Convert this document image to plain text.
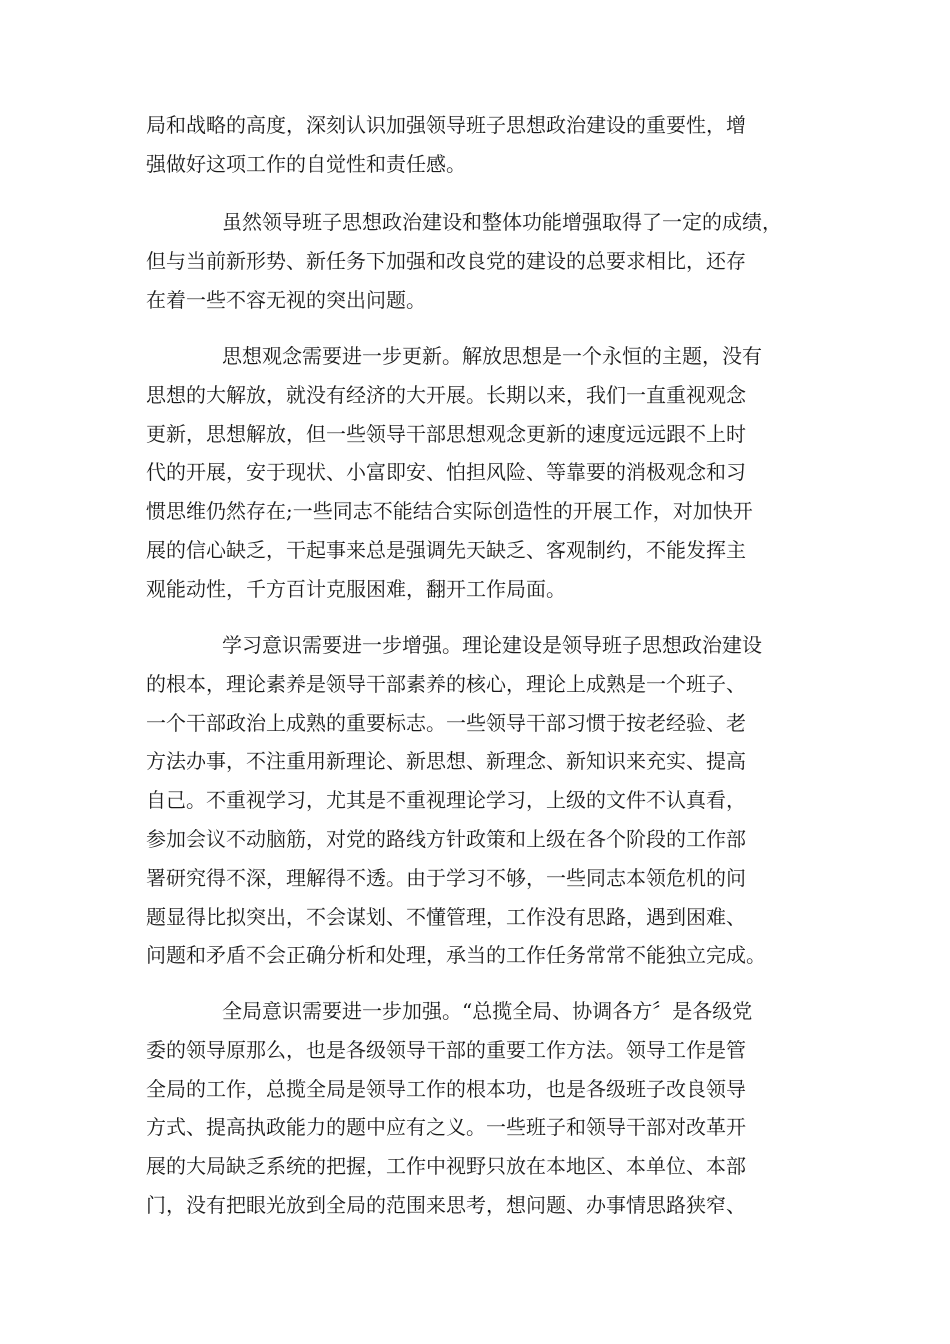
局和战略的高度，深刻认识加强领导班子思想政治建设的重要性，增
强做好这项工作的自觉性和责任感。
虽然领导班子思想政治建设和整体功能增强取得了一定的成绩，
但与当前新形势、新任务下加强和改良党的建设的总要求相比，还存
在着一些不容无视的突出问题。
思想观念需要进一步更新。解放思想是一个永恒的主题，没有
思想的大解放，就没有经济的大开展。长期以来，我们一直重视观念
更新，思想解放，但一些领导干部思想观念更新的速度远远跟不上时
代的开展，安于现状、小富即安、怕担风险、等靠要的消极观念和习
惯思维仍然存在;一些同志不能结合实际创造性的开展工作，对加快开
展的信心缺乏，干起事来总是强调先天缺乏、客观制约，不能发挥主
观能动性，千方百计克服困难，翻开工作局面。
学习意识需要进一步增强。理论建设是领导班子思想政治建设
的根本，理论素养是领导干部素养的核心，理论上成熟是一个班子、
一个干部政治上成熟的重要标志。一些领导干部习惯于按老经验、老
方法办事，不注重用新理论、新思想、新理念、新知识来充实、提高
自己。不重视学习，尤其是不重视理论学习，上级的文件不认真看，
参加会议不动脑筋，对党的路线方针政策和上级在各个阶段的工作部
署研究得不深，理解得不透。由于学习不够，一些同志本领危机的问
题显得比拟突出，不会谋划、不懂管理，工作没有思路，遇到困难、
问题和矛盾不会正确分析和处理，承当的工作任务常常不能独立完成。
全局意识需要进一步加强。“总揽全局、协调各方〞是各级党
委的领导原那么，也是各级领导干部的重要工作方法。领导工作是管
全局的工作，总揽全局是领导工作的根本功，也是各级班子改良领导
方式、提高执政能力的题中应有之义。一些班子和领导干部对改革开
展的大局缺乏系统的把握，工作中视野只放在本地区、本单位、本部
门，没有把眼光放到全局的范围来思考，想问题、办事情思路狭窄、
